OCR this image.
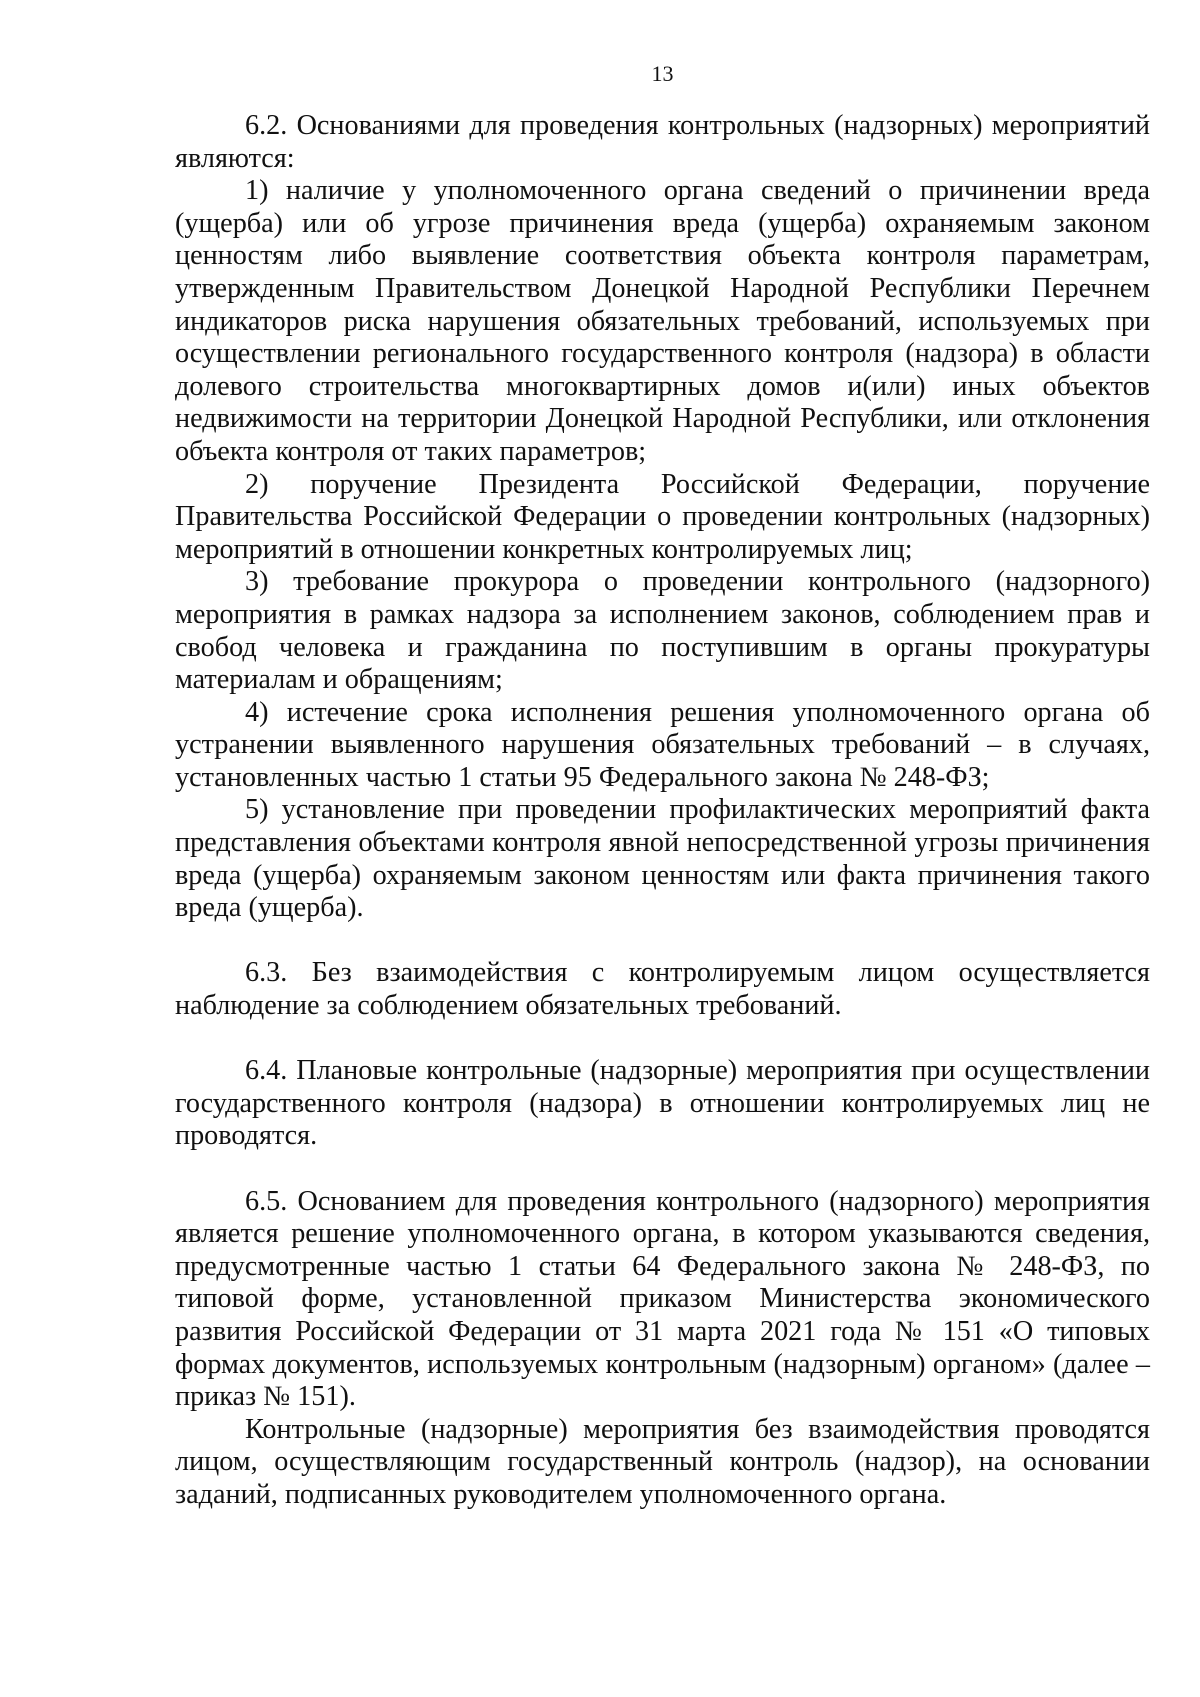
13

6.2. Основаниями для проведения контрольных (надзорных) мероприятий являются:

1) наличие у уполномоченного органа сведений о причинении вреда (ущерба) или об угрозе причинения вреда (ущерба) охраняемым законом ценностям либо выявление соответствия объекта контроля параметрам, утвержденным Правительством Донецкой Народной Республики Перечнем индикаторов риска нарушения обязательных требований, используемых при осуществлении регионального государственного контроля (надзора) в области долевого строительства многоквартирных домов и(или) иных объектов недвижимости на территории Донецкой Народной Республики, или отклонения объекта контроля от таких параметров;

2) поручение Президента Российской Федерации, поручение Правительства Российской Федерации о проведении контрольных (надзорных) мероприятий в отношении конкретных контролируемых лиц;

3) требование прокурора о проведении контрольного (надзорного) мероприятия в рамках надзора за исполнением законов, соблюдением прав и свобод человека и гражданина по поступившим в органы прокуратуры материалам и обращениям;

4) истечение срока исполнения решения уполномоченного органа об устранении выявленного нарушения обязательных требований – в случаях, установленных частью 1 статьи 95 Федерального закона № 248-ФЗ;

5) установление при проведении профилактических мероприятий факта представления объектами контроля явной непосредственной угрозы причинения вреда (ущерба) охраняемым законом ценностям или факта причинения такого вреда (ущерба).

6.3. Без взаимодействия с контролируемым лицом осуществляется наблюдение за соблюдением обязательных требований.

6.4. Плановые контрольные (надзорные) мероприятия при осуществлении государственного контроля (надзора) в отношении контролируемых лиц не проводятся.

6.5. Основанием для проведения контрольного (надзорного) мероприятия является решение уполномоченного органа, в котором указываются сведения, предусмотренные частью 1 статьи 64 Федерального закона № 248-ФЗ, по типовой форме, установленной приказом Министерства экономического развития Российской Федерации от 31 марта 2021 года № 151 «О типовых формах документов, используемых контрольным (надзорным) органом» (далее – приказ № 151).

Контрольные (надзорные) мероприятия без взаимодействия проводятся лицом, осуществляющим государственный контроль (надзор), на основании заданий, подписанных руководителем уполномоченного органа.
